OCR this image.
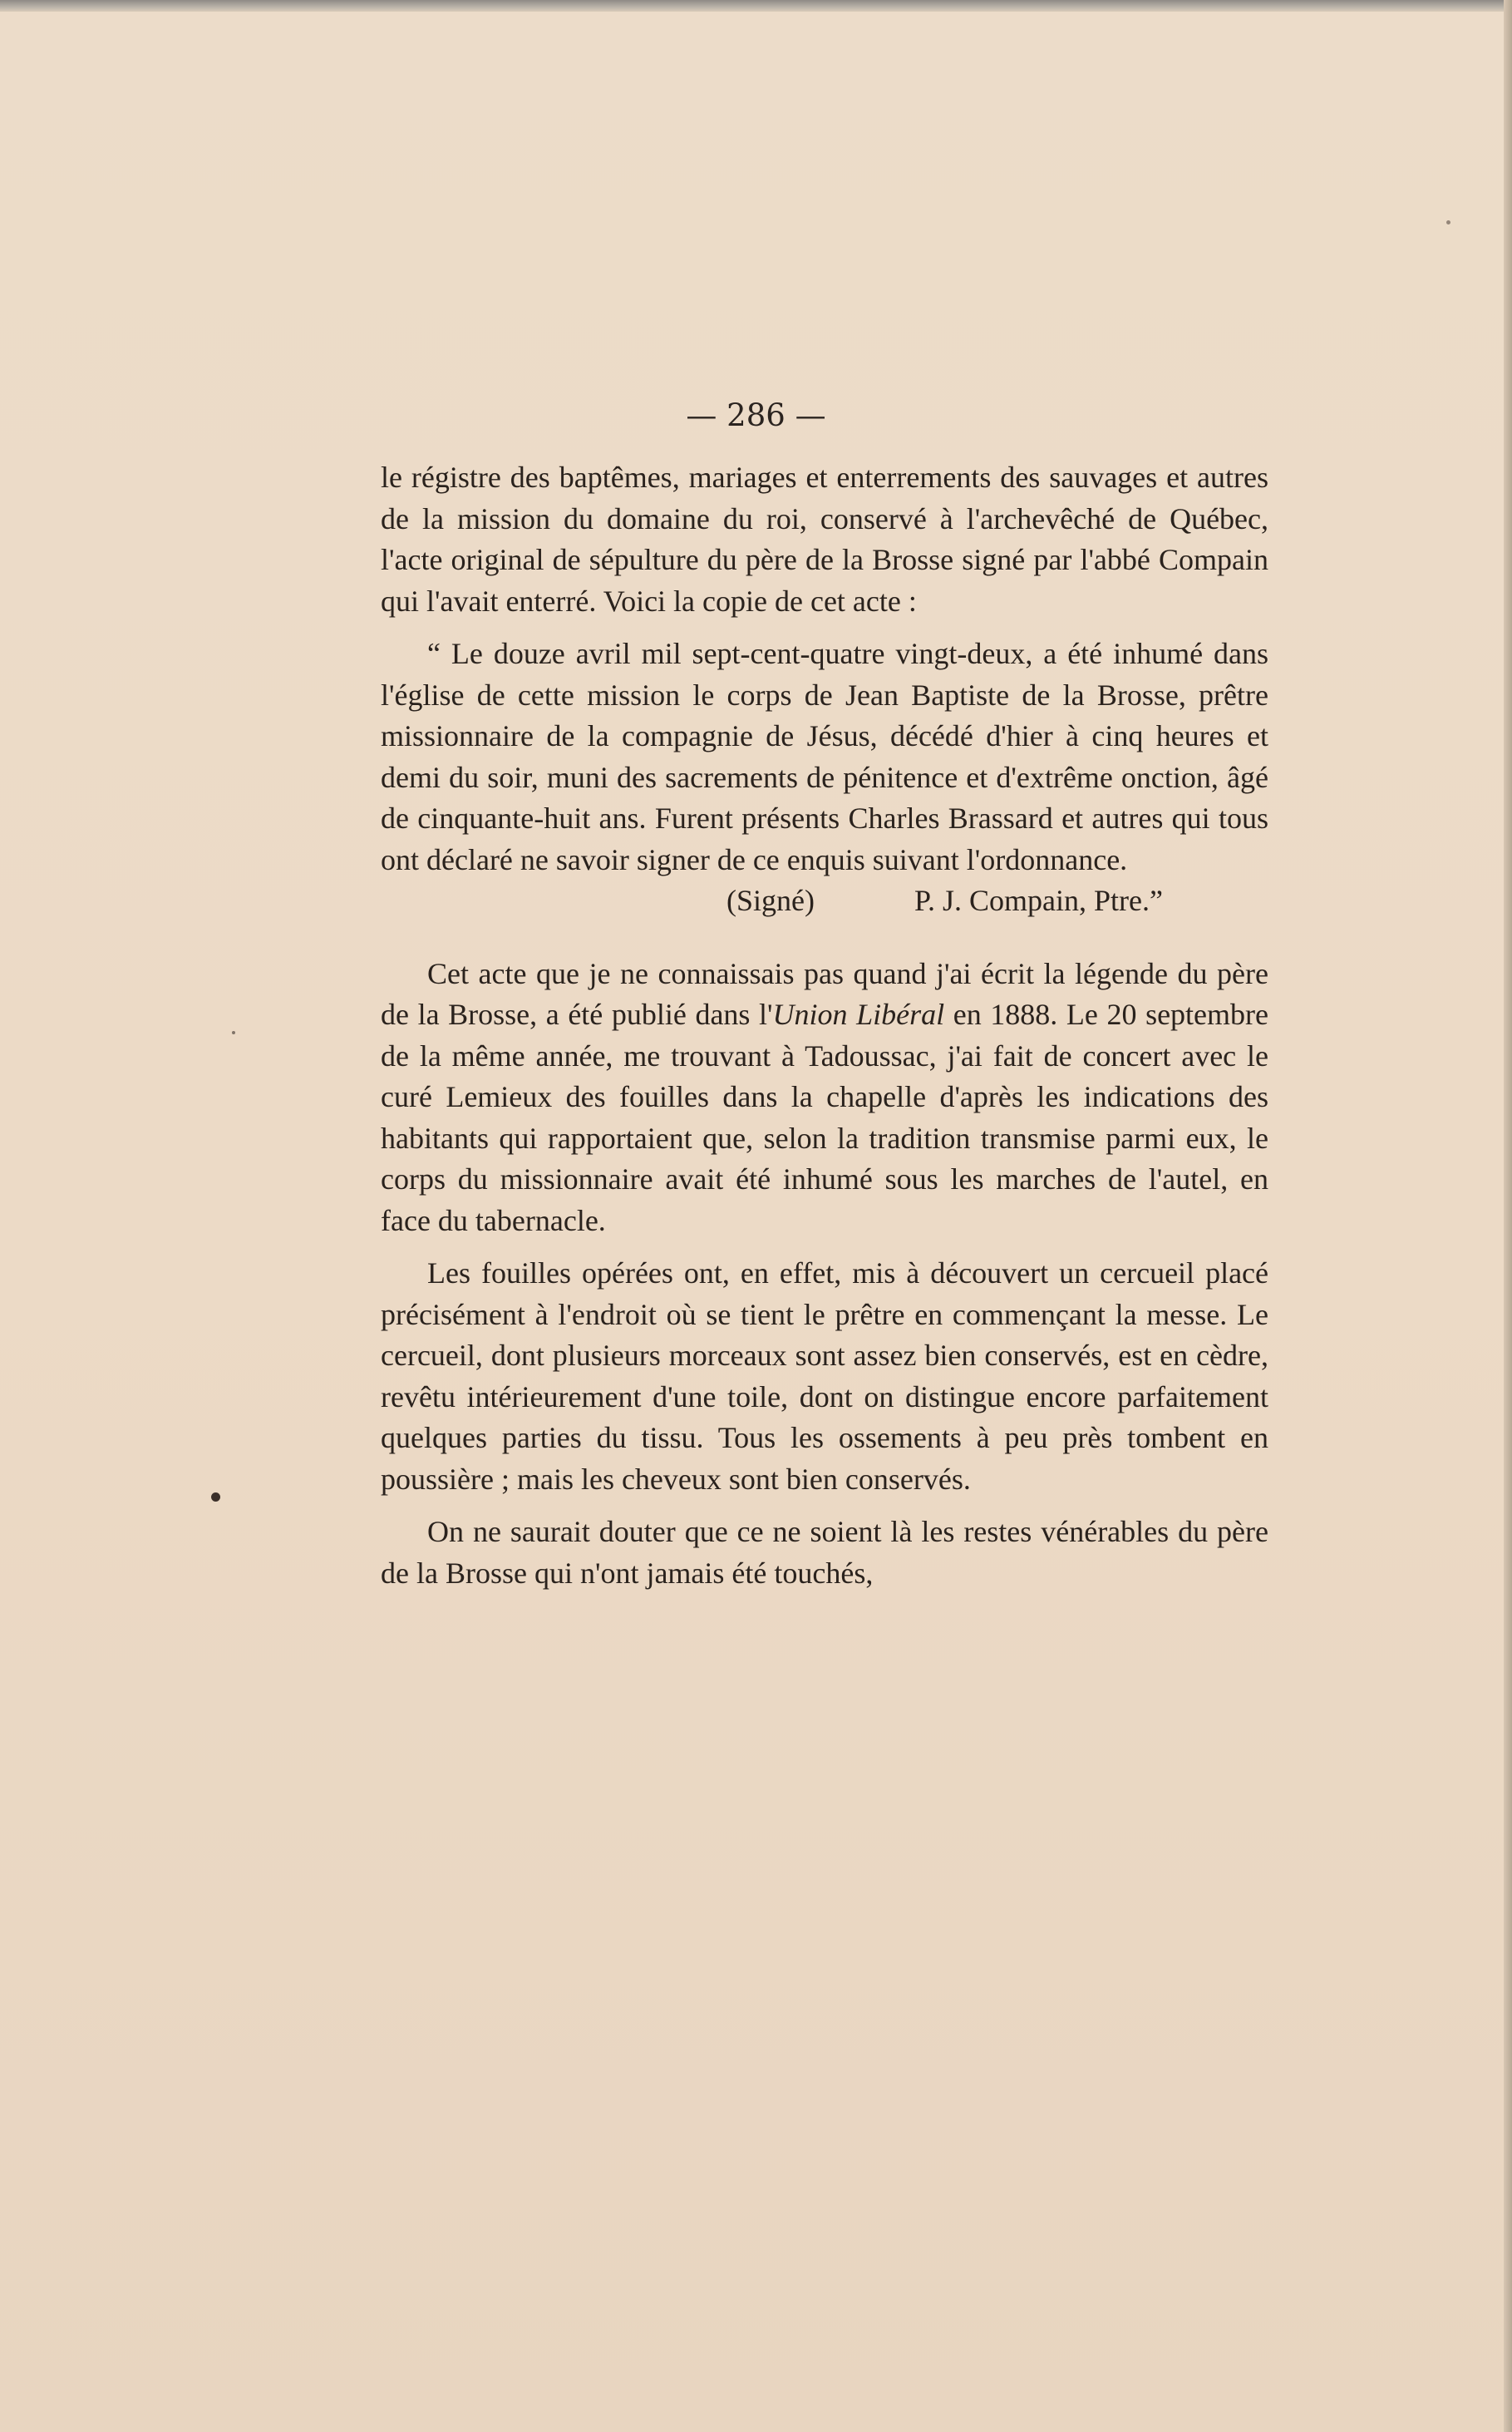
— 286 —

le régistre des baptêmes, mariages et enterrements des sauvages et autres de la mission du domaine du roi, conservé à l'archevêché de Québec, l'acte original de sépulture du père de la Brosse signé par l'abbé Compain qui l'avait enterré. Voici la copie de cet acte :

“ Le douze avril mil sept-cent-quatre vingt-deux, a été inhumé dans l'église de cette mission le corps de Jean Baptiste de la Brosse, prêtre missionnaire de la compagnie de Jésus, décédé d'hier à cinq heures et demi du soir, muni des sacrements de pénitence et d'extrême onction, âgé de cinquante-huit ans. Furent présents Charles Brassard et autres qui tous ont déclaré ne savoir signer de ce enquis suivant l'ordonnance.

(Signé)	P. J. Compain, Ptre.”

Cet acte que je ne connaissais pas quand j'ai écrit la légende du père de la Brosse, a été publié dans l'Union Libéral en 1888. Le 20 septembre de la même année, me trouvant à Tadoussac, j'ai fait de concert avec le curé Lemieux des fouilles dans la chapelle d'après les indications des habitants qui rapportaient que, selon la tradition transmise parmi eux, le corps du missionnaire avait été inhumé sous les marches de l'autel, en face du tabernacle.

Les fouilles opérées ont, en effet, mis à découvert un cercueil placé précisément à l'endroit où se tient le prêtre en commençant la messe. Le cercueil, dont plusieurs morceaux sont assez bien conservés, est en cèdre, revêtu intérieurement d'une toile, dont on distingue encore parfaitement quelques parties du tissu. Tous les ossements à peu près tombent en poussière ; mais les cheveux sont bien conservés.

On ne saurait douter que ce ne soient là les restes vénérables du père de la Brosse qui n'ont jamais été touchés,
